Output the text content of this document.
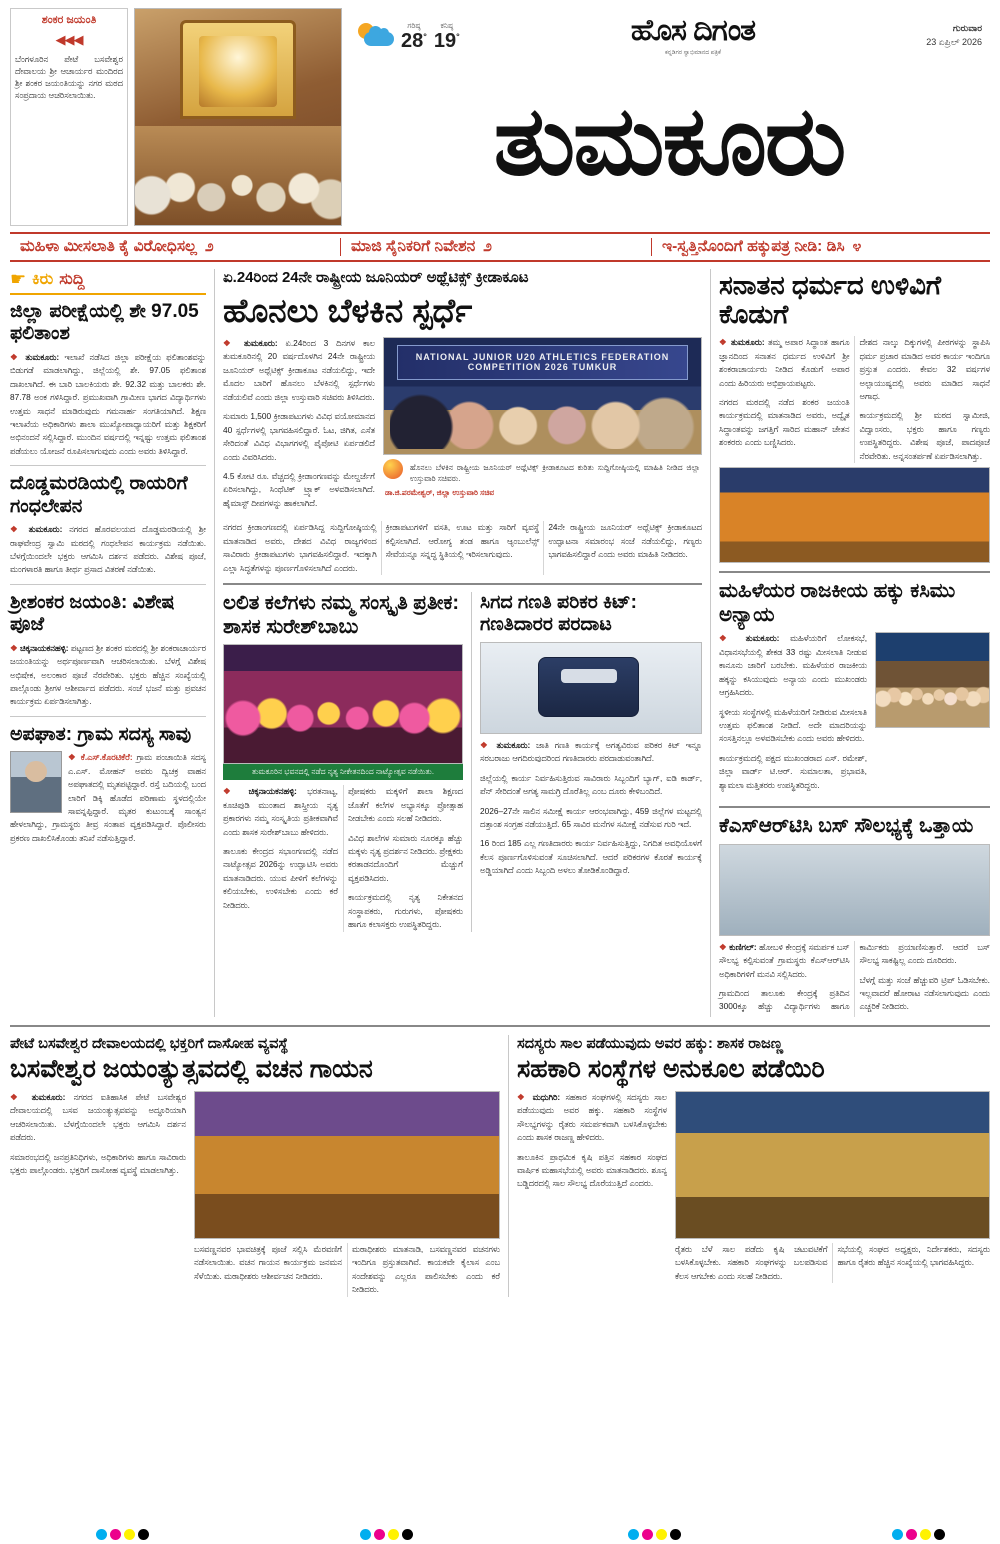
ಶಂಕರ ಜಯಂತಿ
◀◀◀
ಬೆಂಗಳೂರಿನ ಪೇಟೆ ಬಸವೇಶ್ವರ ದೇವಾಲಯ ಶ್ರೀ ಆಚಾರ್ಯರ ಮಂದಿರದ ಶ್ರೀ ಶಂಕರ ಜಯಂತಿಯನ್ನು ನಗರ ಮಠದ ಸಂಪ್ರದಾಯ ಆಚರಿಸಲಾಯಿತು.
ಗರಿಷ್ಠ
28°
ಕನಿಷ್ಠ
19°	ಹೊಸ ದಿಗಂತ
ಕನ್ನಡಿಗರ ಸ್ವಾಭಿಮಾನದ ಪತ್ರಿಕೆ
ಗುರುವಾರ
23 ಏಪ್ರಿಲ್ 2026
ತುಮಕೂರು
ಮಹಿಳಾ ಮೀಸಲಾತಿ ಕೈ ವಿರೋಧಿಸಲ್ಲ ೨	ಮಾಜಿ ಸೈನಿಕರಿಗೆ ನಿವೇಶನ ೨	ಇ-ಸ್ವತ್ತಿನೊಂದಿಗೆ ಹಕ್ಕುಪತ್ರ ನೀಡಿ: ಡಿಸಿ ೪
☛ ಕಿರು ಸುದ್ದಿ
ಜಿಲ್ಲಾ ಪರೀಕ್ಷೆಯಲ್ಲಿ ಶೇ 97.05 ಫಲಿತಾಂಶ

❖ ತುಮಕೂರು: ಇಲಾಖೆ ನಡೆಸಿದ ಜಿಲ್ಲಾ ಪರೀಕ್ಷೆಯ ಫಲಿತಾಂಶವನ್ನು ಬಿಡುಗಡೆ ಮಾಡಲಾಗಿದ್ದು, ಜಿಲ್ಲೆಯಲ್ಲಿ ಶೇ. 97.05 ಫಲಿತಾಂಶ ದಾಖಲಾಗಿದೆ. ಈ ಬಾರಿ ಬಾಲಕಿಯರು ಶೇ. 92.32 ಮತ್ತು ಬಾಲಕರು ಶೇ. 87.78 ಅಂಕ ಗಳಿಸಿದ್ದಾರೆ. ಪ್ರಮುಖವಾಗಿ ಗ್ರಾಮೀಣ ಭಾಗದ ವಿದ್ಯಾರ್ಥಿಗಳು ಉತ್ತಮ ಸಾಧನೆ ಮಾಡಿರುವುದು ಗಮನಾರ್ಹ ಸಂಗತಿಯಾಗಿದೆ. ಶಿಕ್ಷಣ ಇಲಾಖೆಯ ಅಧಿಕಾರಿಗಳು ಶಾಲಾ ಮುಖ್ಯೋಪಾಧ್ಯಾಯರಿಗೆ ಮತ್ತು ಶಿಕ್ಷಕರಿಗೆ ಅಭಿನಂದನೆ ಸಲ್ಲಿಸಿದ್ದಾರೆ. ಮುಂದಿನ ವರ್ಷದಲ್ಲಿ ಇನ್ನಷ್ಟು ಉತ್ತಮ ಫಲಿತಾಂಶ ಪಡೆಯಲು ಯೋಜನೆ ರೂಪಿಸಲಾಗುವುದು ಎಂದು ಅವರು ತಿಳಿಸಿದ್ದಾರೆ.

ದೊಡ್ಡಮರಡಿಯಲ್ಲಿ ರಾಯರಿಗೆ ಗಂಧಲೇಪನ

❖ ತುಮಕೂರು: ನಗರದ ಹೊರವಲಯದ ದೊಡ್ಡಮರಡಿಯಲ್ಲಿ ಶ್ರೀ ರಾಘವೇಂದ್ರ ಸ್ವಾಮಿ ಮಠದಲ್ಲಿ ಗಂಧಲೇಪನ ಕಾರ್ಯಕ್ರಮ ನಡೆಯಿತು. ಬೆಳಗ್ಗೆಯಿಂದಲೇ ಭಕ್ತರು ಆಗಮಿಸಿ ದರ್ಶನ ಪಡೆದರು. ವಿಶೇಷ ಪೂಜೆ, ಮಂಗಳಾರತಿ ಹಾಗೂ ತೀರ್ಥ ಪ್ರಸಾದ ವಿತರಣೆ ನಡೆಯಿತು.

ಶ್ರೀಶಂಕರ ಜಯಂತಿ: ವಿಶೇಷ ಪೂಜೆ

❖ ಚಿಕ್ಕನಾಯಕನಹಳ್ಳಿ: ಪಟ್ಟಣದ ಶ್ರೀ ಶಂಕರ ಮಠದಲ್ಲಿ ಶ್ರೀ ಶಂಕರಾಚಾರ್ಯರ ಜಯಂತಿಯನ್ನು ಅರ್ಥಪೂರ್ಣವಾಗಿ ಆಚರಿಸಲಾಯಿತು. ಬೆಳಗ್ಗೆ ವಿಶೇಷ ಅಭಿಷೇಕ, ಅಲಂಕಾರ ಪೂಜೆ ನೆರವೇರಿತು. ಭಕ್ತರು ಹೆಚ್ಚಿನ ಸಂಖ್ಯೆಯಲ್ಲಿ ಪಾಲ್ಗೊಂಡು ಶ್ರೀಗಳ ಆಶೀರ್ವಾದ ಪಡೆದರು. ಸಂಜೆ ಭಜನೆ ಮತ್ತು ಪ್ರವಚನ ಕಾರ್ಯಕ್ರಮ ಏರ್ಪಡಿಸಲಾಗಿತ್ತು.

ಅಪಘಾತ: ಗ್ರಾಮ ಸದಸ್ಯ ಸಾವು

❖ ಕೆ.ಎಸ್.ಕೊರಟಿಕೆರೆ: ಗ್ರಾಮ ಪಂಚಾಯಿತಿ ಸದಸ್ಯ ಎ.ಎಸ್. ಮೋಹನ್ ಅವರು ದ್ವಿಚಕ್ರ ವಾಹನ ಅಪಘಾತದಲ್ಲಿ ಮೃತಪಟ್ಟಿದ್ದಾರೆ. ರಸ್ತೆ ಬದಿಯಲ್ಲಿ ಬಂದ ಲಾರಿಗೆ ಡಿಕ್ಕಿ ಹೊಡೆದ ಪರಿಣಾಮ ಸ್ಥಳದಲ್ಲಿಯೇ ಸಾವನ್ನಪ್ಪಿದ್ದಾರೆ. ಮೃತರ ಕುಟುಂಬಕ್ಕೆ ಸಾಂತ್ವನ ಹೇಳಲಾಗಿದ್ದು, ಗ್ರಾಮಸ್ಥರು ತೀವ್ರ ಸಂತಾಪ ವ್ಯಕ್ತಪಡಿಸಿದ್ದಾರೆ. ಪೊಲೀಸರು ಪ್ರಕರಣ ದಾಖಲಿಸಿಕೊಂಡು ತನಿಖೆ ನಡೆಸುತ್ತಿದ್ದಾರೆ.

ಏ.24ರಿಂದ 24ನೇ ರಾಷ್ಟ್ರೀಯ ಜೂನಿಯರ್ ಅಥ್ಲೆಟಿಕ್ಸ್ ಕ್ರೀಡಾಕೂಟ
ಹೊನಲು ಬೆಳಕಿನ ಸ್ಪರ್ಧೆ

❖ ತುಮಕೂರು: ಏ.24ರಿಂದ 3 ದಿನಗಳ ಕಾಲ ತುಮಕೂರಿನಲ್ಲಿ 20 ವರ್ಷದೊಳಗಿನ 24ನೇ ರಾಷ್ಟ್ರೀಯ ಜೂನಿಯರ್ ಅಥ್ಲೆಟಿಕ್ಸ್ ಕ್ರೀಡಾಕೂಟ ನಡೆಯಲಿದ್ದು, ಇದೇ ಮೊದಲ ಬಾರಿಗೆ ಹೊನಲು ಬೆಳಕಿನಲ್ಲಿ ಸ್ಪರ್ಧೆಗಳು ನಡೆಯಲಿವೆ ಎಂದು ಜಿಲ್ಲಾ ಉಸ್ತುವಾರಿ ಸಚಿವರು ತಿಳಿಸಿದರು.

ಸುಮಾರು 1,500 ಕ್ರೀಡಾಪಟುಗಳು ವಿವಿಧ ವಯೋಮಾನದ 40 ಸ್ಪರ್ಧೆಗಳಲ್ಲಿ ಭಾಗವಹಿಸಲಿದ್ದಾರೆ. ಓಟ, ಜಿಗಿತ, ಎಸೆತ ಸೇರಿದಂತೆ ವಿವಿಧ ವಿಭಾಗಗಳಲ್ಲಿ ಪೈಪೋಟಿ ಏರ್ಪಡಲಿದೆ ಎಂದು ವಿವರಿಸಿದರು.

4.5 ಕೋಟಿ ರೂ. ವೆಚ್ಚದಲ್ಲಿ ಕ್ರೀಡಾಂಗಣವನ್ನು ಮೇಲ್ದರ್ಜೆಗೆ ಏರಿಸಲಾಗಿದ್ದು, ಸಿಂಥೆಟಿಕ್ ಟ್ರ್ಯಾಕ್ ಅಳವಡಿಸಲಾಗಿದೆ. ಹೈಮಾಸ್ಟ್ ದೀಪಗಳನ್ನು ಹಾಕಲಾಗಿದೆ.

NATIONAL JUNIOR U20 ATHLETICS FEDERATION COMPETITION 2026 TUMKUR
ಹೊನಲು ಬೆಳಕಿನ ರಾಷ್ಟ್ರೀಯ ಜೂನಿಯರ್ ಅಥ್ಲೆಟಿಕ್ಸ್ ಕ್ರೀಡಾಕೂಟದ ಕುರಿತು ಸುದ್ದಿಗೋಷ್ಠಿಯಲ್ಲಿ ಮಾಹಿತಿ ನೀಡಿದ ಜಿಲ್ಲಾ ಉಸ್ತುವಾರಿ ಸಚಿವರು.
ಡಾ.ಜಿ.ಪರಮೇಶ್ವರ್, ಜಿಲ್ಲಾ ಉಸ್ತುವಾರಿ ಸಚಿವ

ನಗರದ ಕ್ರೀಡಾಂಗಣದಲ್ಲಿ ಏರ್ಪಡಿಸಿದ್ದ ಸುದ್ದಿಗೋಷ್ಠಿಯಲ್ಲಿ ಮಾತನಾಡಿದ ಅವರು, ದೇಶದ ವಿವಿಧ ರಾಜ್ಯಗಳಿಂದ ಸಾವಿರಾರು ಕ್ರೀಡಾಪಟುಗಳು ಭಾಗವಹಿಸಲಿದ್ದಾರೆ. ಇದಕ್ಕಾಗಿ ಎಲ್ಲಾ ಸಿದ್ಧತೆಗಳನ್ನು ಪೂರ್ಣಗೊಳಿಸಲಾಗಿದೆ ಎಂದರು.

ಕ್ರೀಡಾಪಟುಗಳಿಗೆ ವಸತಿ, ಊಟ ಮತ್ತು ಸಾರಿಗೆ ವ್ಯವಸ್ಥೆ ಕಲ್ಪಿಸಲಾಗಿದೆ. ಆರೋಗ್ಯ ತಂಡ ಹಾಗೂ ಆ್ಯಂಬುಲೆನ್ಸ್ ಸೇವೆಯನ್ನೂ ಸನ್ನದ್ಧ ಸ್ಥಿತಿಯಲ್ಲಿ ಇರಿಸಲಾಗುವುದು.

24ನೇ ರಾಷ್ಟ್ರೀಯ ಜೂನಿಯರ್ ಅಥ್ಲೆಟಿಕ್ಸ್ ಕ್ರೀಡಾಕೂಟದ ಉದ್ಘಾಟನಾ ಸಮಾರಂಭ ಸಂಜೆ ನಡೆಯಲಿದ್ದು, ಗಣ್ಯರು ಭಾಗವಹಿಸಲಿದ್ದಾರೆ ಎಂದು ಅವರು ಮಾಹಿತಿ ನೀಡಿದರು.

ಲಲಿತ ಕಲೆಗಳು ನಮ್ಮ ಸಂಸ್ಕೃತಿ ಪ್ರತೀಕ: ಶಾಸಕ ಸುರೇಶ್‌ಬಾಬು
ತುಮಕೂರಿನ ಭವನದಲ್ಲಿ ನಡೆದ ನೃತ್ಯ ನೀಕೇತನದಿಂದ ನಾಟ್ಯೋತ್ಸವ ನಡೆಯಿತು.

❖ ಚಿಕ್ಕನಾಯಕನಹಳ್ಳಿ: ಭರತನಾಟ್ಯ, ಕೂಚಿಪುಡಿ ಮುಂತಾದ ಶಾಸ್ತ್ರೀಯ ನೃತ್ಯ ಪ್ರಕಾರಗಳು ನಮ್ಮ ಸಂಸ್ಕೃತಿಯ ಪ್ರತೀಕವಾಗಿವೆ ಎಂದು ಶಾಸಕ ಸುರೇಶ್‌ಬಾಬು ಹೇಳಿದರು.

ತಾಲೂಕು ಕೇಂದ್ರದ ಸಭಾಂಗಣದಲ್ಲಿ ನಡೆದ ನಾಟ್ಯೋತ್ಸವ 2026ನ್ನು ಉದ್ಘಾಟಿಸಿ ಅವರು ಮಾತನಾಡಿದರು. ಯುವ ಪೀಳಿಗೆ ಕಲೆಗಳನ್ನು ಕಲಿಯಬೇಕು, ಉಳಿಸಬೇಕು ಎಂದು ಕರೆ ನೀಡಿದರು.

ಪೋಷಕರು ಮಕ್ಕಳಿಗೆ ಶಾಲಾ ಶಿಕ್ಷಣದ ಜೊತೆಗೆ ಕಲೆಗಳ ಅಭ್ಯಾಸಕ್ಕೂ ಪ್ರೋತ್ಸಾಹ ನೀಡಬೇಕು ಎಂದು ಸಲಹೆ ನೀಡಿದರು.

ವಿವಿಧ ಶಾಲೆಗಳ ಸುಮಾರು ನೂರಕ್ಕೂ ಹೆಚ್ಚು ಮಕ್ಕಳು ನೃತ್ಯ ಪ್ರದರ್ಶನ ನೀಡಿದರು. ಪ್ರೇಕ್ಷಕರು ಕರತಾಡನದೊಂದಿಗೆ ಮೆಚ್ಚುಗೆ ವ್ಯಕ್ತಪಡಿಸಿದರು.

ಕಾರ್ಯಕ್ರಮದಲ್ಲಿ ನೃತ್ಯ ನಿಕೇತನದ ಸಂಸ್ಥಾಪಕರು, ಗುರುಗಳು, ಪೋಷಕರು ಹಾಗೂ ಕಲಾಸಕ್ತರು ಉಪಸ್ಥಿತರಿದ್ದರು.

ಸಿಗದ ಗಣತಿ ಪರಿಕರ ಕಿಟ್: ಗಣತಿದಾರರ ಪರದಾಟ

❖ ತುಮಕೂರು: ಜಾತಿ ಗಣತಿ ಕಾರ್ಯಕ್ಕೆ ಅಗತ್ಯವಿರುವ ಪರಿಕರ ಕಿಟ್ ಇನ್ನೂ ಸರಬರಾಜು ಆಗದಿರುವುದರಿಂದ ಗಣತಿದಾರರು ಪರದಾಡುವಂತಾಗಿದೆ.

ಜಿಲ್ಲೆಯಲ್ಲಿ ಕಾರ್ಯ ನಿರ್ವಹಿಸುತ್ತಿರುವ ಸಾವಿರಾರು ಸಿಬ್ಬಂದಿಗೆ ಬ್ಯಾಗ್, ಐಡಿ ಕಾರ್ಡ್, ಪೆನ್ ಸೇರಿದಂತೆ ಅಗತ್ಯ ಸಾಮಗ್ರಿ ದೊರೆತಿಲ್ಲ ಎಂಬ ದೂರು ಕೇಳಿಬಂದಿದೆ.

2026–27ನೇ ಸಾಲಿನ ಸಮೀಕ್ಷೆ ಕಾರ್ಯ ಆರಂಭವಾಗಿದ್ದು, 459 ಜಿಲ್ಲೆಗಳ ಮಟ್ಟದಲ್ಲಿ ದತ್ತಾಂಶ ಸಂಗ್ರಹ ನಡೆಯುತ್ತಿದೆ. 65 ಸಾವಿರ ಮನೆಗಳ ಸಮೀಕ್ಷೆ ನಡೆಸುವ ಗುರಿ ಇದೆ.

16 ರಿಂದ 185 ಎಲ್ಲ ಗಣತಿದಾರರು ಕಾರ್ಯ ನಿರ್ವಹಿಸುತ್ತಿದ್ದು, ನಿಗದಿತ ಅವಧಿಯೊಳಗೆ ಕೆಲಸ ಪೂರ್ಣಗೊಳಿಸುವಂತೆ ಸೂಚಿಸಲಾಗಿದೆ. ಆದರೆ ಪರಿಕರಗಳ ಕೊರತೆ ಕಾರ್ಯಕ್ಕೆ ಅಡ್ಡಿಯಾಗಿದೆ ಎಂದು ಸಿಬ್ಬಂದಿ ಅಳಲು ತೋಡಿಕೊಂಡಿದ್ದಾರೆ.

ಸನಾತನ ಧರ್ಮದ ಉಳಿವಿಗೆ ಕೊಡುಗೆ

❖ ತುಮಕೂರು: ತಮ್ಮ ಅಪಾರ ಸಿದ್ಧಾಂತ ಹಾಗೂ ಜ್ಞಾನದಿಂದ ಸನಾತನ ಧರ್ಮದ ಉಳಿವಿಗೆ ಶ್ರೀ ಶಂಕರಾಚಾರ್ಯರು ನೀಡಿದ ಕೊಡುಗೆ ಅಪಾರ ಎಂದು ಹಿರಿಯರು ಅಭಿಪ್ರಾಯಪಟ್ಟರು.

ನಗರದ ಮಠದಲ್ಲಿ ನಡೆದ ಶಂಕರ ಜಯಂತಿ ಕಾರ್ಯಕ್ರಮದಲ್ಲಿ ಮಾತನಾಡಿದ ಅವರು, ಅದ್ವೈತ ಸಿದ್ಧಾಂತವನ್ನು ಜಗತ್ತಿಗೆ ಸಾರಿದ ಮಹಾನ್ ಚೇತನ ಶಂಕರರು ಎಂದು ಬಣ್ಣಿಸಿದರು.

ದೇಶದ ನಾಲ್ಕು ದಿಕ್ಕುಗಳಲ್ಲಿ ಪೀಠಗಳನ್ನು ಸ್ಥಾಪಿಸಿ ಧರ್ಮ ಪ್ರಚಾರ ಮಾಡಿದ ಅವರ ಕಾರ್ಯ ಇಂದಿಗೂ ಪ್ರಸ್ತುತ ಎಂದರು. ಕೇವಲ 32 ವರ್ಷಗಳ ಅಲ್ಪಾಯುಷ್ಯದಲ್ಲಿ ಅವರು ಮಾಡಿದ ಸಾಧನೆ ಅಗಾಧ.

ಕಾರ್ಯಕ್ರಮದಲ್ಲಿ ಶ್ರೀ ಮಠದ ಸ್ವಾಮೀಜಿ, ವಿದ್ವಾಂಸರು, ಭಕ್ತರು ಹಾಗೂ ಗಣ್ಯರು ಉಪಸ್ಥಿತರಿದ್ದರು. ವಿಶೇಷ ಪೂಜೆ, ಪಾದಪೂಜೆ ನೆರವೇರಿತು. ಅನ್ನಸಂತರ್ಪಣೆ ಏರ್ಪಡಿಸಲಾಗಿತ್ತು.

ಮಹಿಳೆಯರ ರಾಜಕೀಯ ಹಕ್ಕು ಕಸಿಮು ಅನ್ಯಾಯ

❖ ತುಮಕೂರು: ಮಹಿಳೆಯರಿಗೆ ಲೋಕಸಭೆ, ವಿಧಾನಸಭೆಯಲ್ಲಿ ಶೇಕಡ 33 ರಷ್ಟು ಮೀಸಲಾತಿ ನೀಡುವ ಕಾನೂನು ಜಾರಿಗೆ ಬರಬೇಕು. ಮಹಿಳೆಯರ ರಾಜಕೀಯ ಹಕ್ಕನ್ನು ಕಸಿಯುವುದು ಅನ್ಯಾಯ ಎಂದು ಮುಖಂಡರು ಆಗ್ರಹಿಸಿದರು.

ಸ್ಥಳೀಯ ಸಂಸ್ಥೆಗಳಲ್ಲಿ ಮಹಿಳೆಯರಿಗೆ ನೀಡಿರುವ ಮೀಸಲಾತಿ ಉತ್ತಮ ಫಲಿತಾಂಶ ನೀಡಿದೆ. ಅದೇ ಮಾದರಿಯನ್ನು ಸಂಸತ್ತಿನಲ್ಲೂ ಅಳವಡಿಸಬೇಕು ಎಂದು ಅವರು ಹೇಳಿದರು.

ಕಾರ್ಯಕ್ರಮದಲ್ಲಿ ಪಕ್ಷದ ಮುಖಂಡರಾದ ಎಸ್. ರಮೇಶ್, ಜಿಲ್ಲಾ ವಾರ್ಡ್ ಟಿ.ಆರ್. ಸುಮಾಲತಾ, ಪ್ರಭಾವತಿ, ಶ್ಯಾಮಲಾ ಮತ್ತಿತರರು ಉಪಸ್ಥಿತರಿದ್ದರು.

ಕೆಎಸ್‌ಆರ್‌ಟಿಸಿ ಬಸ್ ಸೌಲಭ್ಯಕ್ಕೆ ಒತ್ತಾಯ

❖ ಕುಣಿಗಲ್: ಹೋಬಳಿ ಕೇಂದ್ರಕ್ಕೆ ಸಮರ್ಪಕ ಬಸ್ ಸೌಲಭ್ಯ ಕಲ್ಪಿಸುವಂತೆ ಗ್ರಾಮಸ್ಥರು ಕೆಎಸ್‌ಆರ್‌ಟಿಸಿ ಅಧಿಕಾರಿಗಳಿಗೆ ಮನವಿ ಸಲ್ಲಿಸಿದರು.

ಗ್ರಾಮದಿಂದ ತಾಲೂಕು ಕೇಂದ್ರಕ್ಕೆ ಪ್ರತಿದಿನ 3000ಕ್ಕೂ ಹೆಚ್ಚು ವಿದ್ಯಾರ್ಥಿಗಳು ಹಾಗೂ ಕಾರ್ಮಿಕರು ಪ್ರಯಾಣಿಸುತ್ತಾರೆ. ಆದರೆ ಬಸ್ ಸೌಲಭ್ಯ ಸಾಕಷ್ಟಿಲ್ಲ ಎಂದು ದೂರಿದರು.

ಬೆಳಗ್ಗೆ ಮತ್ತು ಸಂಜೆ ಹೆಚ್ಚುವರಿ ಟ್ರಿಪ್ ಓಡಿಸಬೇಕು. ಇಲ್ಲವಾದರೆ ಹೋರಾಟ ನಡೆಸಲಾಗುವುದು ಎಂದು ಎಚ್ಚರಿಕೆ ನೀಡಿದರು.

ಪೇಟೆ ಬಸವೇಶ್ವರ ದೇವಾಲಯದಲ್ಲಿ ಭಕ್ತರಿಗೆ ದಾಸೋಹ ವ್ಯವಸ್ಥೆ
ಬಸವೇಶ್ವರ ಜಯಂತ್ಯುತ್ಸವದಲ್ಲಿ ವಚನ ಗಾಯನ

❖ ತುಮಕೂರು: ನಗರದ ಐತಿಹಾಸಿಕ ಪೇಟೆ ಬಸವೇಶ್ವರ ದೇವಾಲಯದಲ್ಲಿ ಬಸವ ಜಯಂತ್ಯುತ್ಸವವನ್ನು ಅದ್ಧೂರಿಯಾಗಿ ಆಚರಿಸಲಾಯಿತು. ಬೆಳಗ್ಗೆಯಿಂದಲೇ ಭಕ್ತರು ಆಗಮಿಸಿ ದರ್ಶನ ಪಡೆದರು.

ಸಮಾರಂಭದಲ್ಲಿ ಜನಪ್ರತಿನಿಧಿಗಳು, ಅಧಿಕಾರಿಗಳು ಹಾಗೂ ಸಾವಿರಾರು ಭಕ್ತರು ಪಾಲ್ಗೊಂಡರು. ಭಕ್ತರಿಗೆ ದಾಸೋಹ ವ್ಯವಸ್ಥೆ ಮಾಡಲಾಗಿತ್ತು.

ಬಸವಣ್ಣನವರ ಭಾವಚಿತ್ರಕ್ಕೆ ಪೂಜೆ ಸಲ್ಲಿಸಿ ಮೆರವಣಿಗೆ ನಡೆಸಲಾಯಿತು. ವಚನ ಗಾಯನ ಕಾರ್ಯಕ್ರಮ ಜನಮನ ಸೆಳೆಯಿತು. ಮಠಾಧೀಶರು ಆಶೀರ್ವಚನ ನೀಡಿದರು.

ಮಠಾಧೀಶರು ಮಾತನಾಡಿ, ಬಸವಣ್ಣನವರ ವಚನಗಳು ಇಂದಿಗೂ ಪ್ರಸ್ತುತವಾಗಿವೆ. ಕಾಯಕವೇ ಕೈಲಾಸ ಎಂಬ ಸಂದೇಶವನ್ನು ಎಲ್ಲರೂ ಪಾಲಿಸಬೇಕು ಎಂದು ಕರೆ ನೀಡಿದರು.

ಸದಸ್ಯರು ಸಾಲ ಪಡೆಯುವುದು ಅವರ ಹಕ್ಕು: ಶಾಸಕ ರಾಜಣ್ಣ
ಸಹಕಾರಿ ಸಂಸ್ಥೆಗಳ ಅನುಕೂಲ ಪಡೆಯಿರಿ

❖ ಮಧುಗಿರಿ: ಸಹಕಾರ ಸಂಘಗಳಲ್ಲಿ ಸದಸ್ಯರು ಸಾಲ ಪಡೆಯುವುದು ಅವರ ಹಕ್ಕು. ಸಹಕಾರಿ ಸಂಸ್ಥೆಗಳ ಸೌಲಭ್ಯಗಳನ್ನು ರೈತರು ಸಮರ್ಪಕವಾಗಿ ಬಳಸಿಕೊಳ್ಳಬೇಕು ಎಂದು ಶಾಸಕ ರಾಜಣ್ಣ ಹೇಳಿದರು.

ತಾಲೂಕಿನ ಪ್ರಾಥಮಿಕ ಕೃಷಿ ಪತ್ತಿನ ಸಹಕಾರ ಸಂಘದ ವಾರ್ಷಿಕ ಮಹಾಸಭೆಯಲ್ಲಿ ಅವರು ಮಾತನಾಡಿದರು. ಶೂನ್ಯ ಬಡ್ಡಿದರದಲ್ಲಿ ಸಾಲ ಸೌಲಭ್ಯ ದೊರೆಯುತ್ತಿದೆ ಎಂದರು.

ರೈತರು ಬೆಳೆ ಸಾಲ ಪಡೆದು ಕೃಷಿ ಚಟುವಟಿಕೆಗೆ ಬಳಸಿಕೊಳ್ಳಬೇಕು. ಸಹಕಾರಿ ಸಂಘಗಳನ್ನು ಬಲಪಡಿಸುವ ಕೆಲಸ ಆಗಬೇಕು ಎಂದು ಸಲಹೆ ನೀಡಿದರು.

ಸಭೆಯಲ್ಲಿ ಸಂಘದ ಅಧ್ಯಕ್ಷರು, ನಿರ್ದೇಶಕರು, ಸದಸ್ಯರು ಹಾಗೂ ರೈತರು ಹೆಚ್ಚಿನ ಸಂಖ್ಯೆಯಲ್ಲಿ ಭಾಗವಹಿಸಿದ್ದರು.
